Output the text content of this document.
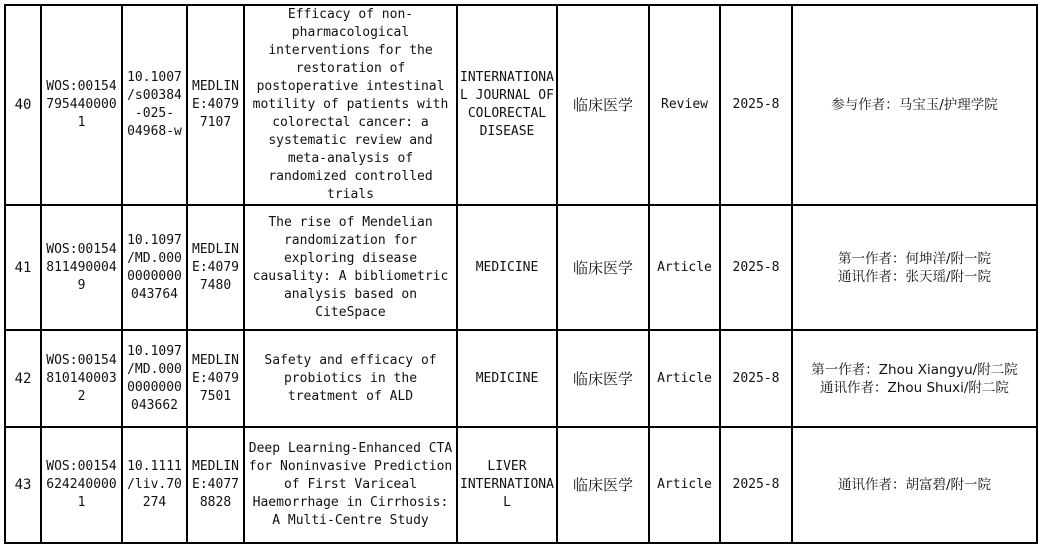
40	WOS:001547954400001	10.1007/s00384-025-04968-w	MEDLINE:40797107	Efficacy of non-pharmacological interventions for the restoration of postoperative intestinal motility of patients with colorectal cancer: a systematic review and meta-analysis of randomized controlled trials	INTERNATIONAL JOURNAL OF COLORECTAL DISEASE	临床医学	Review	2025-8	参与作者：马宝玉/护理学院

41	WOS:001548114900049	10.1097/MD.0000000000043764	MEDLINE:40797480	The rise of Mendelian randomization for exploring disease causality: A bibliometric analysis based on CiteSpace	MEDICINE	临床医学	Article	2025-8	第一作者：何坤洋/附一院
通讯作者：张天瑶/附一院

42	WOS:001548101400032	10.1097/MD.0000000000043662	MEDLINE:40797501	Safety and efficacy of probiotics in the treatment of ALD	MEDICINE	临床医学	Article	2025-8	第一作者：Zhou Xiangyu/附二院
通讯作者：Zhou Shuxi/附二院

43	WOS:001546242400001	10.1111/liv.70274	MEDLINE:40778828	Deep Learning-Enhanced CTA for Noninvasive Prediction of First Variceal Haemorrhage in Cirrhosis: A Multi-Centre Study	LIVER INTERNATIONAL	临床医学	Article	2025-8	通讯作者：胡富碧/附一院
